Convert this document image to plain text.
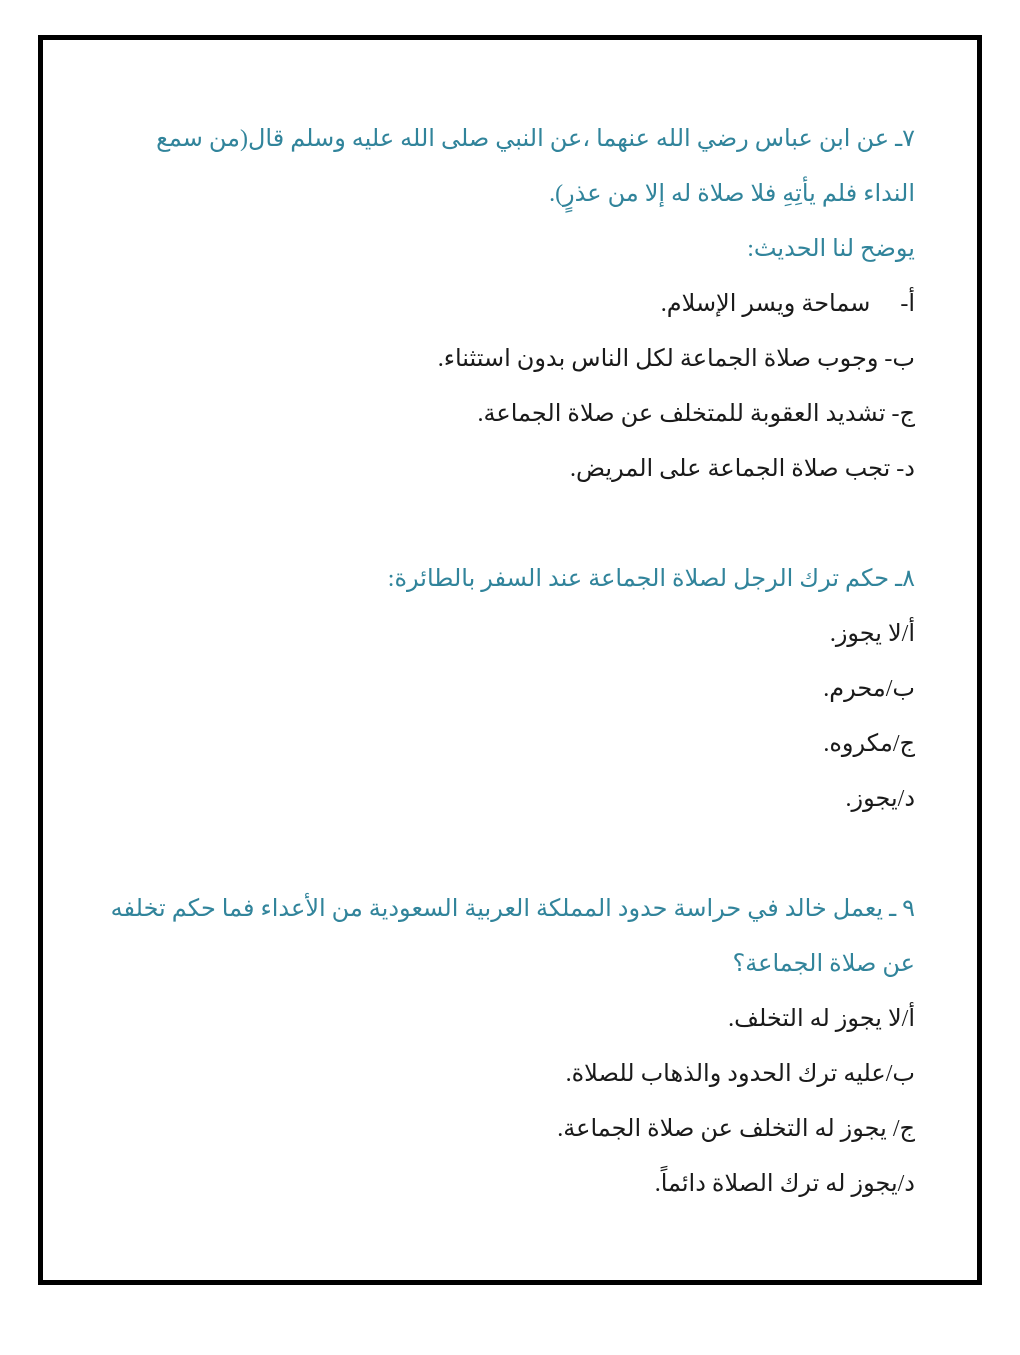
٧ـ عن ابن عباس رضي الله عنهما ،عن النبي صلى الله عليه وسلم قال(من سمع النداء فلم يأتِهِ فلا صلاة له إلا من عذرٍ).

يوضح لنا الحديث:

أ-     سماحة ويسر الإسلام.

ب- وجوب صلاة الجماعة لكل الناس بدون استثناء.

ج- تشديد العقوبة للمتخلف عن صلاة الجماعة.

د- تجب صلاة الجماعة على المريض.

٨ـ حكم ترك الرجل لصلاة الجماعة عند السفر بالطائرة:

أ/لا يجوز.

ب/محرم.

ج/مكروه.

د/يجوز.

٩ ـ يعمل خالد في حراسة حدود المملكة العربية السعودية من الأعداء فما حكم تخلفه عن صلاة الجماعة؟

أ/لا يجوز له التخلف.

ب/عليه ترك الحدود والذهاب للصلاة.

ج/ يجوز له التخلف عن صلاة الجماعة.

د/يجوز له ترك الصلاة دائماً.
